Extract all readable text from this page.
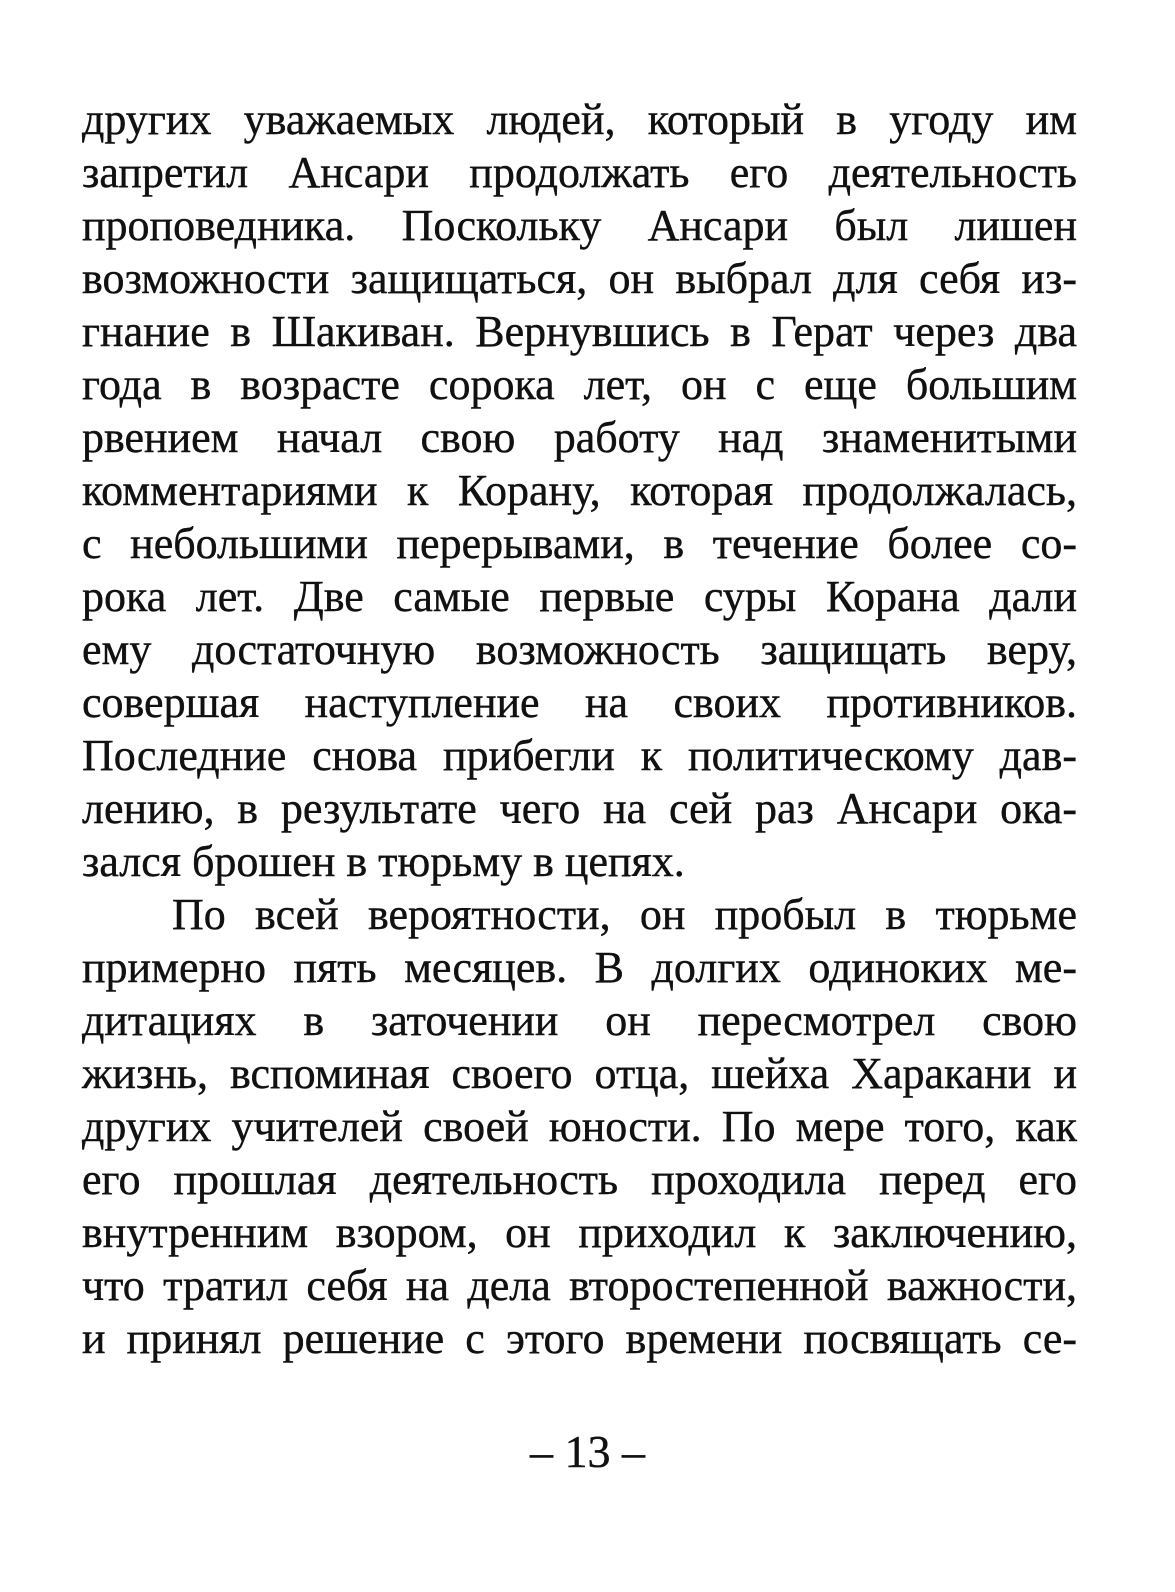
других уважаемых людей, который в угоду им
запретил Ансари продолжать его деятельность
проповедника. Поскольку Ансари был лишен
возможности защищаться, он выбрал для себя из-
гнание в Шакиван. Вернувшись в Герат через два
года в возрасте сорока лет, он с еще большим
рвением начал свою работу над знаменитыми
комментариями к Корану, которая продолжалась,
с небольшими перерывами, в течение более со-
рока лет. Две самые первые суры Корана дали
ему достаточную возможность защищать веру,
совершая наступление на своих противников.
Последние снова прибегли к политическому дав-
лению, в результате чего на сей раз Ансари ока-
зался брошен в тюрьму в цепях.
По всей вероятности, он пробыл в тюрьме
примерно пять месяцев. В долгих одиноких ме-
дитациях в заточении он пересмотрел свою
жизнь, вспоминая своего отца, шейха Харакани и
других учителей своей юности. По мере того, как
его прошлая деятельность проходила перед его
внутренним взором, он приходил к заключению,
что тратил себя на дела второстепенной важности,
и принял решение с этого времени посвящать се-
– 13 –
